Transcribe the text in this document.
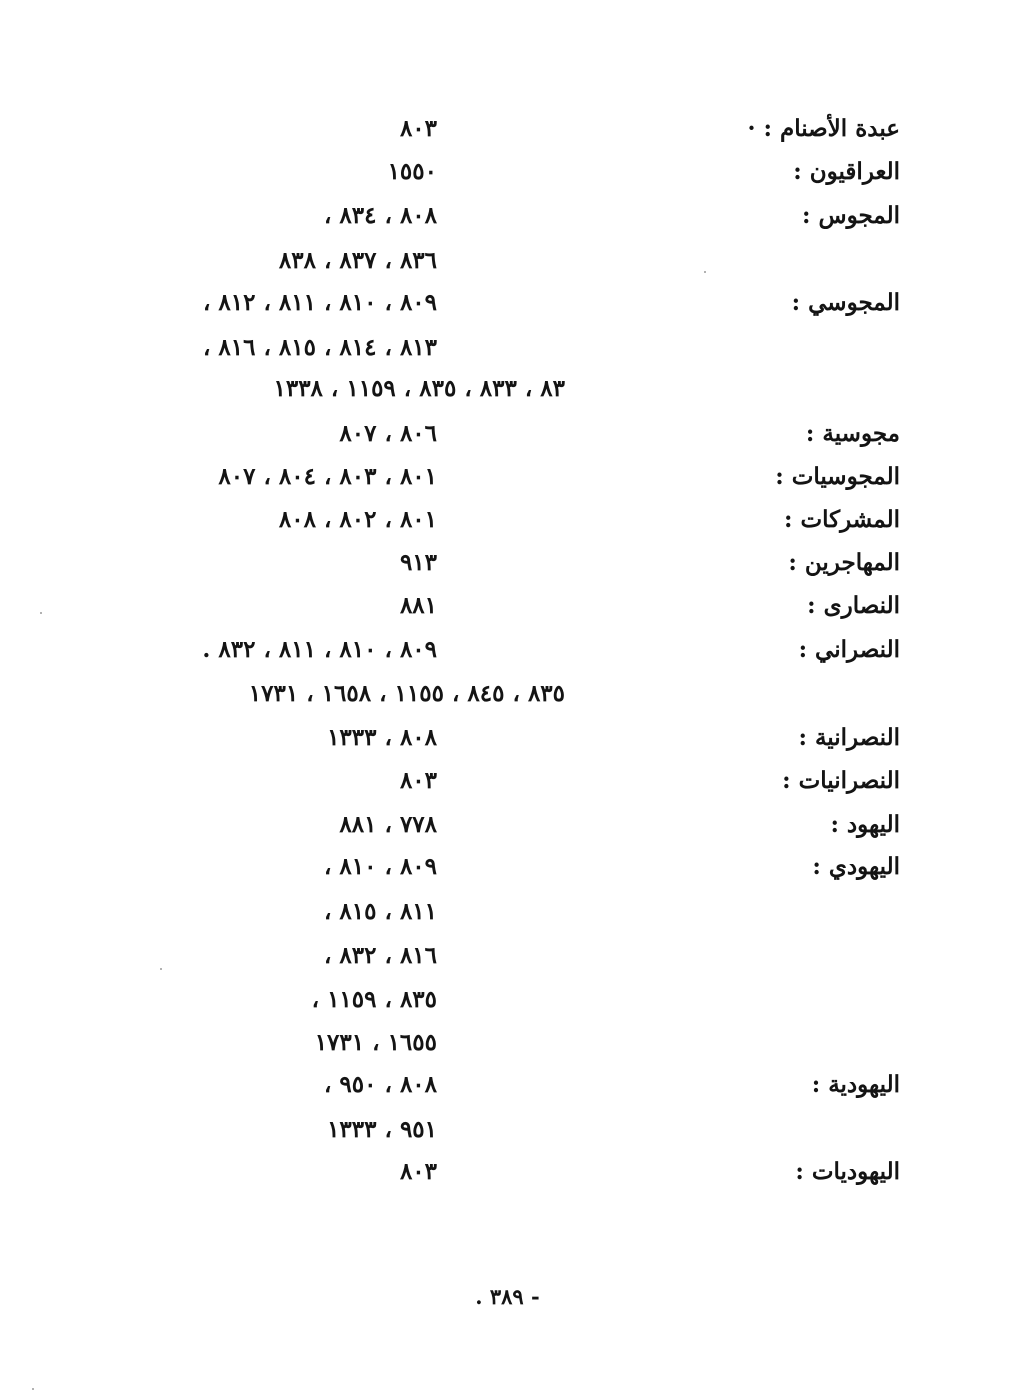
عبدة الأصنام : ·
٨٠٣
العراقيون :
١٥٥٠
المجوس :
٨٠٨ ، ٨٣٤ ،
٨٣٦ ، ٨٣٧ ، ٨٣٨
المجوسي :
٨٠٩ ، ٨١٠ ، ٨١١ ، ٨١٢ ،
٨١٣ ، ٨١٤ ، ٨١٥ ، ٨١٦ ،
٨٣ ، ٨٣٣ ، ٨٣٥ ، ١١٥٩ ، ١٣٣٨
مجوسية :
٨٠٦ ، ٨٠٧
المجوسيات :
٨٠١ ، ٨٠٣ ، ٨٠٤ ، ٨٠٧
المشركات :
٨٠١ ، ٨٠٢ ، ٨٠٨
المهاجرين :
٩١٣
النصارى :
٨٨١
النصراني :
٨٠٩ ، ٨١٠ ، ٨١١ ، ٨٣٢ .
٨٣٥ ، ٨٤٥ ، ١١٥٥ ، ١٦٥٨ ، ١٧٣١
النصرانية :
٨٠٨ ، ١٣٣٣
النصرانيات :
٨٠٣
اليهود :
٧٧٨ ، ٨٨١
اليهودي :
٨٠٩ ، ٨١٠ ،
٨١١ ، ٨١٥ ،
٨١٦ ، ٨٣٢ ،
٨٣٥ ، ١١٥٩ ،
١٦٥٥ ، ١٧٣١
اليهودية :
٨٠٨ ، ٩٥٠ ،
٩٥١ ، ١٣٣٣
اليهوديات :
٨٠٣
- ٣٨٩ .
